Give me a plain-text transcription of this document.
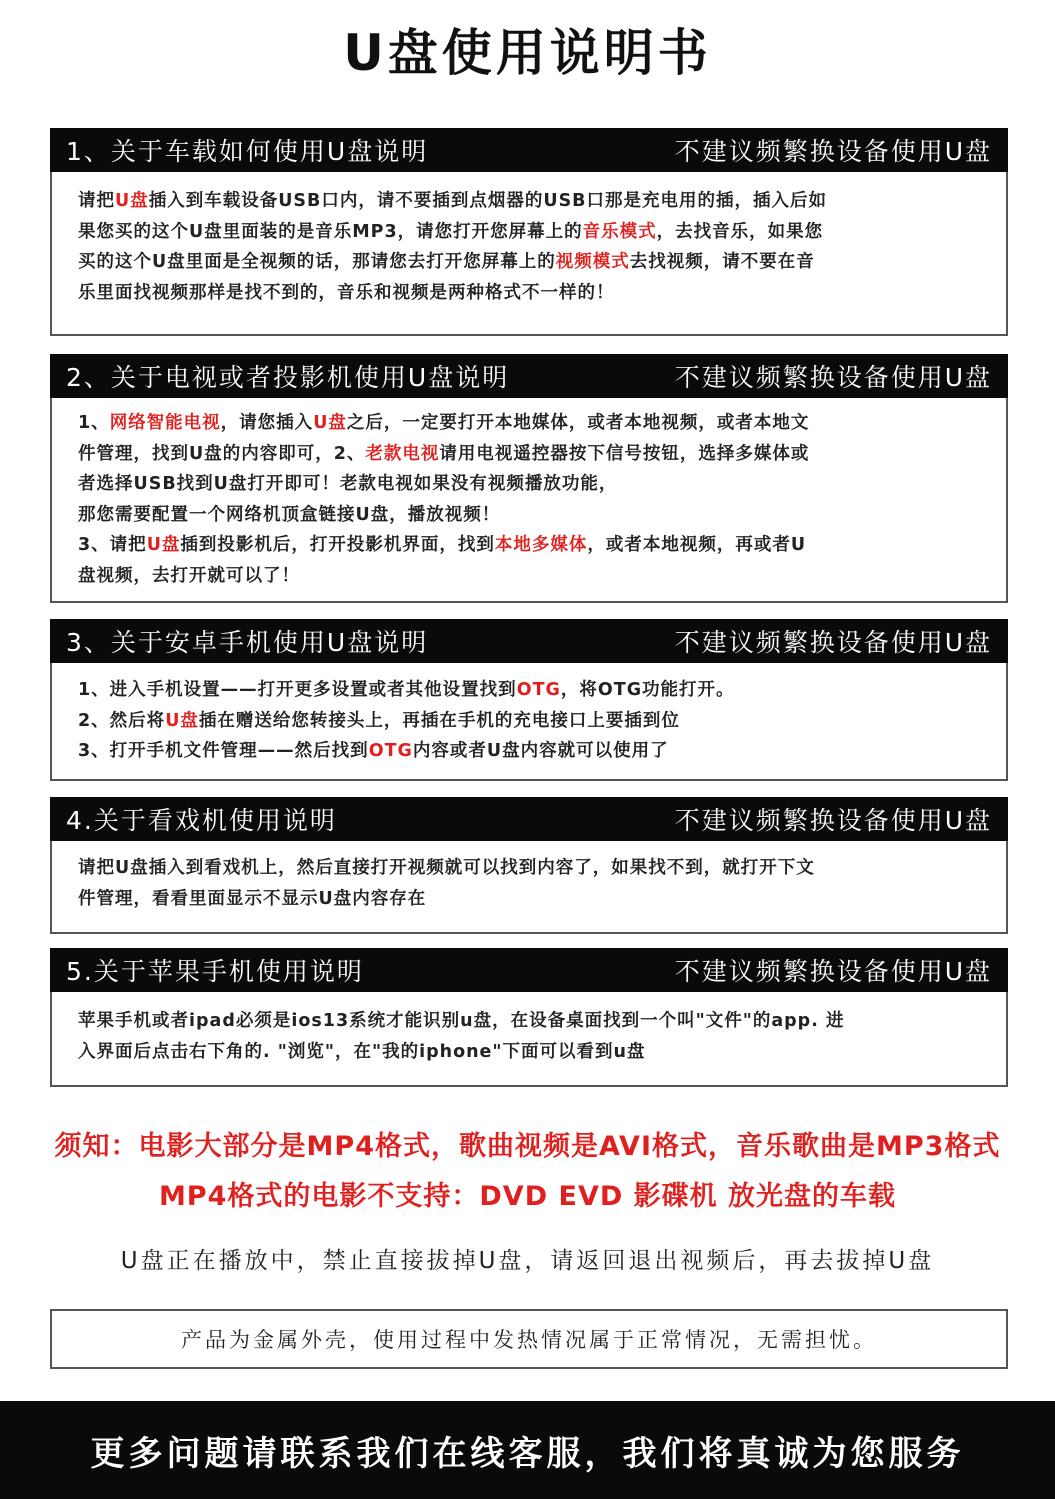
U盘使用说明书
1、关于车载如何使用U盘说明	不建议频繁换设备使用U盘
请把U盘插入到车载设备USB口内，请不要插到点烟器的USB口那是充电用的插，插入后如
果您买的这个U盘里面装的是音乐MP3，请您打开您屏幕上的音乐模式，去找音乐，如果您
买的这个U盘里面是全视频的话，那请您去打开您屏幕上的视频模式去找视频，请不要在音
乐里面找视频那样是找不到的，音乐和视频是两种格式不一样的！
2、关于电视或者投影机使用U盘说明	不建议频繁换设备使用U盘
1、网络智能电视，请您插入U盘之后，一定要打开本地媒体，或者本地视频，或者本地文
件管理，找到U盘的内容即可，2、老款电视请用电视遥控器按下信号按钮，选择多媒体或
者选择USB找到U盘打开即可！老款电视如果没有视频播放功能，
那您需要配置一个网络机顶盒链接U盘，播放视频！
3、请把U盘插到投影机后，打开投影机界面，找到本地多媒体，或者本地视频，再或者U
盘视频，去打开就可以了！
3、关于安卓手机使用U盘说明	不建议频繁换设备使用U盘
1、进入手机设置——打开更多设置或者其他设置找到OTG，将OTG功能打开。
2、然后将U盘插在赠送给您转接头上，再插在手机的充电接口上要插到位
3、打开手机文件管理——然后找到OTG内容或者U盘内容就可以使用了
4.关于看戏机使用说明	不建议频繁换设备使用U盘
请把U盘插入到看戏机上，然后直接打开视频就可以找到内容了，如果找不到，就打开下文
件管理，看看里面显示不显示U盘内容存在
5.关于苹果手机使用说明	不建议频繁换设备使用U盘
苹果手机或者ipad必须是ios13系统才能识别u盘，在设备桌面找到一个叫"文件"的app. 进
入界面后点击右下角的. "浏览"，在"我的iphone"下面可以看到u盘
须知：电影大部分是MP4格式，歌曲视频是AVI格式，音乐歌曲是MP3格式
MP4格式的电影不支持：DVD EVD 影碟机 放光盘的车载
U盘正在播放中，禁止直接拔掉U盘，请返回退出视频后，再去拔掉U盘
产品为金属外壳，使用过程中发热情况属于正常情况，无需担忧。
更多问题请联系我们在线客服，我们将真诚为您服务
